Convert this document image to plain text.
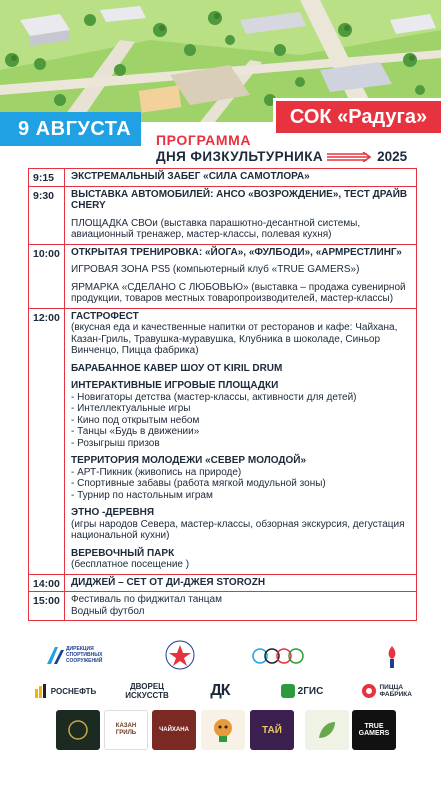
9 АВГУСТА
СОК «Радуга»
ПРОГРАММА
ДНЯ ФИЗКУЛЬТУРНИКА	2025
9:15	ЭКСТРЕМАЛЬНЫЙ ЗАБЕГ «СИЛА САМОТЛОРА»
9:30	ВЫСТАВКА АВТОМОБИЛЕЙ: АНСО «ВОЗРОЖДЕНИЕ», ТЕСТ ДРАЙВ CHERY
ПЛОЩАДКА СВОи (выставка парашютно-десантной системы, авиационный тренажер, мастер-классы, полевая кухня)
10:00	ОТКРЫТАЯ ТРЕНИРОВКА: «ЙОГА», «ФУЛБОДИ», «АРМРЕСТЛИНГ»
ИГРОВАЯ ЗОНА PS5 (компьютерный клуб «TRUE GAMERS»)
ЯРМАРКА «СДЕЛАНО С ЛЮБОВЬЮ» (выставка – продажа сувенирной продукции, товаров местных товаропроизводителей, мастер-классы)
12:00	ГАСТРОФЕСТ
(вкусная еда и качественные напитки от ресторанов и кафе: Чайхана, Казан-Гриль, Травушка-муравушка, Клубника в шоколаде, Синьор Винченцо, Пицца фабрика)
БАРАБАННОЕ КАВЕР ШОУ ОТ KIRIL DRUM
ИНТЕРАКТИВНЫЕ ИГРОВЫЕ ПЛОЩАДКИ
- Новигаторы детства (мастер-классы, активности для детей)
- Интеллектуальные игры
- Кино под открытым небом
- Танцы «Будь в движении»
- Розыгрыш призов
ТЕРРИТОРИЯ МОЛОДЕЖИ «СЕВЕР МОЛОДОЙ»
- АРТ-Пикник (живопись на природе)
- Спортивные забавы (работа мягкой модульной зоны)
- Турнир по настольным играм
ЭТНО -ДЕРЕВНЯ
(игры народов Севера, мастер-классы, обзорная экскурсия, дегустация национальной кухни)
ВЕРЕВОЧНЫЙ ПАРК
(бесплатное посещение )
14:00	ДИДЖЕЙ – СЕТ ОТ ДИ-ДЖЕЯ STOROZH
15:00	Фестиваль по фиджитал танцам
Водный футбол
ДИРЕКЦИЯ СПОРТИВНЫХ СООРУЖЕНИЙ
РОСНЕФТЬ	ДВОРЕЦ ИСКУССТВ	ДК	2ГИС	ПИЦЦА ФАБРИКА
КАЗАН ГРИЛЬ
ЧАЙХАНА	ТАЙ	TRUE GAMERS
